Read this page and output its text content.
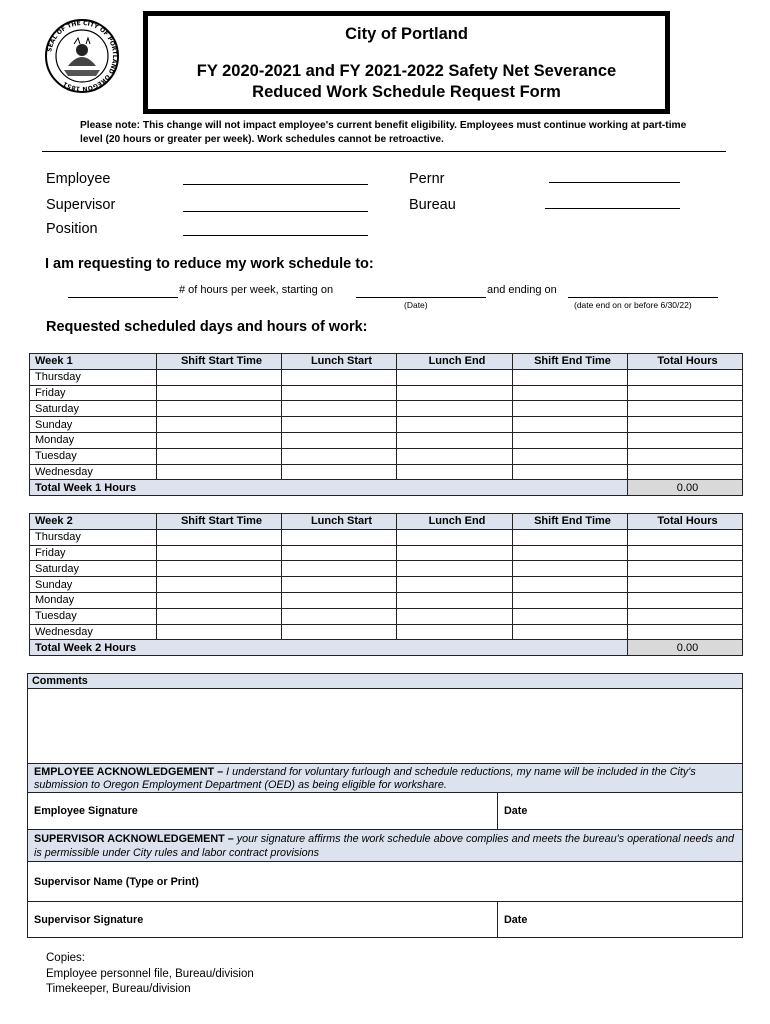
SEAL OF THE CITY OF PORTLAND OREGON 1851
City of Portland
FY 2020-2021 and FY 2021-2022 Safety Net Severance
Reduced Work Schedule Request Form
Please note: This change will not impact employee's current benefit eligibility. Employees must continue working at part-time level (20 hours or greater per week). Work schedules cannot be retroactive.
Employee	Pernr
Supervisor	Bureau
Position
I am requesting to reduce my work schedule to:
# of hours per week, starting on	and ending on
(Date)	(date end on or before 6/30/22)
Requested scheduled days and hours of work:
Week 1	Shift Start Time	Lunch Start	Lunch End	Shift End Time	Total Hours
Thursday					
Friday					
Saturday					
Sunday					
Monday					
Tuesday					
Wednesday					
Total Week 1 Hours					0.00
Week 2	Shift Start Time	Lunch Start	Lunch End	Shift End Time	Total Hours
Thursday					
Friday					
Saturday					
Sunday					
Monday					
Tuesday					
Wednesday					
Total Week 2 Hours					0.00
Comments	

EMPLOYEE ACKNOWLEDGEMENT – I understand for voluntary furlough and schedule reductions, my name will be included in the City's submission to Oregon Employment Department (OED) as being eligible for workshare.	
Employee Signature	Date
SUPERVISOR ACKNOWLEDGEMENT – your signature affirms the work schedule above complies and meets the bureau's operational needs and is permissible under City rules and labor contract provisions	
Supervisor Name (Type or Print)	
Supervisor Signature	Date
Copies:
Employee personnel file, Bureau/division
Timekeeper, Bureau/division
